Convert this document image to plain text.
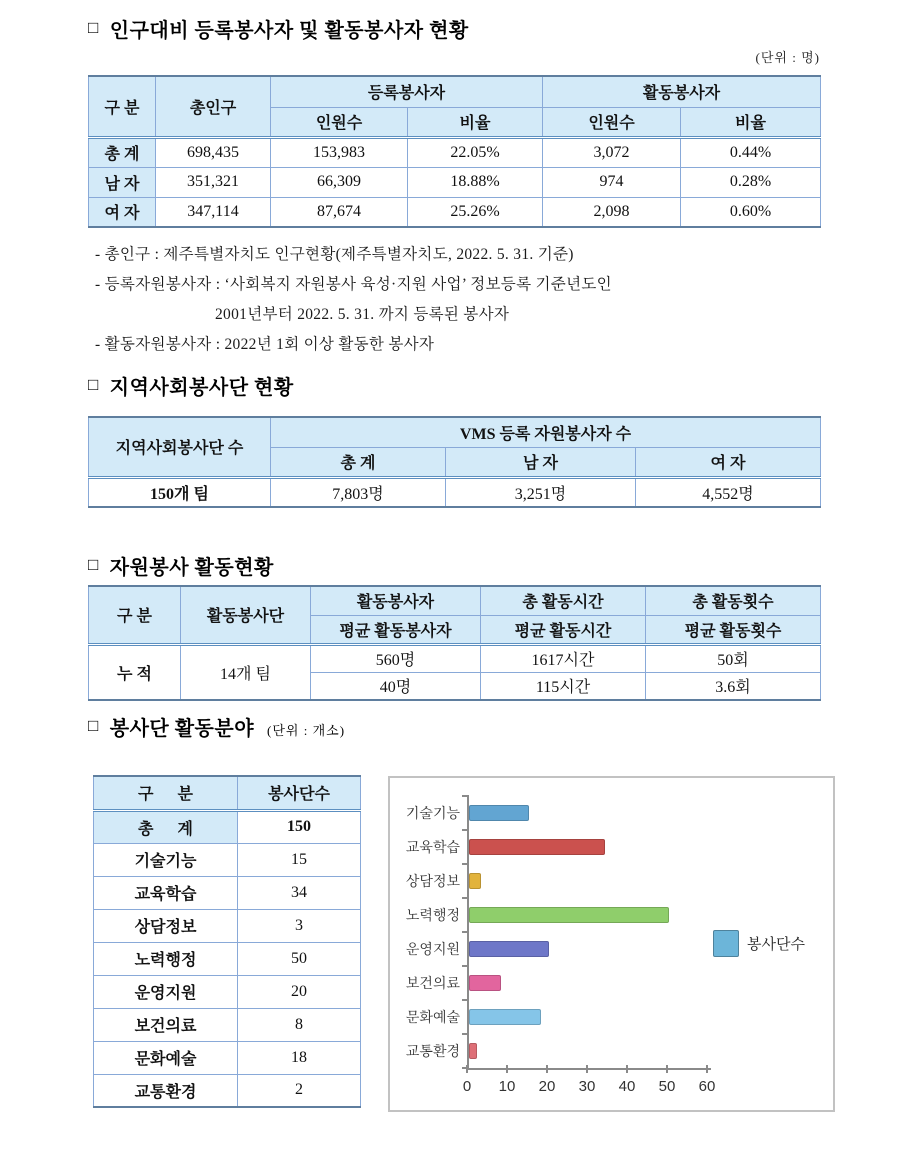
□ 인구대비 등록봉사자 및 활동봉사자 현황
(단위 : 명)
구 분	총인구	등록봉사자		활동봉사자	
		인원수	비율	인원수	비율
총 계	698,435	153,983	22.05%	3,072	0.44%
남 자	351,321	66,309	18.88%	974	0.28%
여 자	347,114	87,674	25.26%	2,098	0.60%
- 총인구 : 제주특별자치도 인구현황(제주특별자치도, 2022. 5. 31. 기준)
- 등록자원봉사자 : ‘사회복지 자원봉사 육성·지원 사업’ 정보등록 기준년도인
2001년부터 2022. 5. 31. 까지 등록된 봉사자
- 활동자원봉사자 : 2022년 1회 이상 활동한 봉사자
□ 지역사회봉사단 현황
지역사회봉사단 수	VMS 등록 자원봉사자 수		
	총 계	남 자	여 자
150개 팀	7,803명	3,251명	4,552명
□ 자원봉사 활동현황
구 분	활동봉사단	활동봉사자	총 활동시간	총 활동횟수
		평균 활동봉사자	평균 활동시간	평균 활동횟수
누 적	14개 팀	560명	1617시간	50회
		40명	115시간	3.6회
□ 봉사단 활동분야 (단위 : 개소)
구 분	봉사단수
총 계	150
기술기능	15
교육학습	34
상담정보	3
노력행정	50
운영지원	20
보건의료	8
문화예술	18
교통환경	2	0	10	20	30	40	50	60
기술기능
교육학습
상담정보
노력행정
운영지원
보건의료
문화예술
교통환경
봉사단수
